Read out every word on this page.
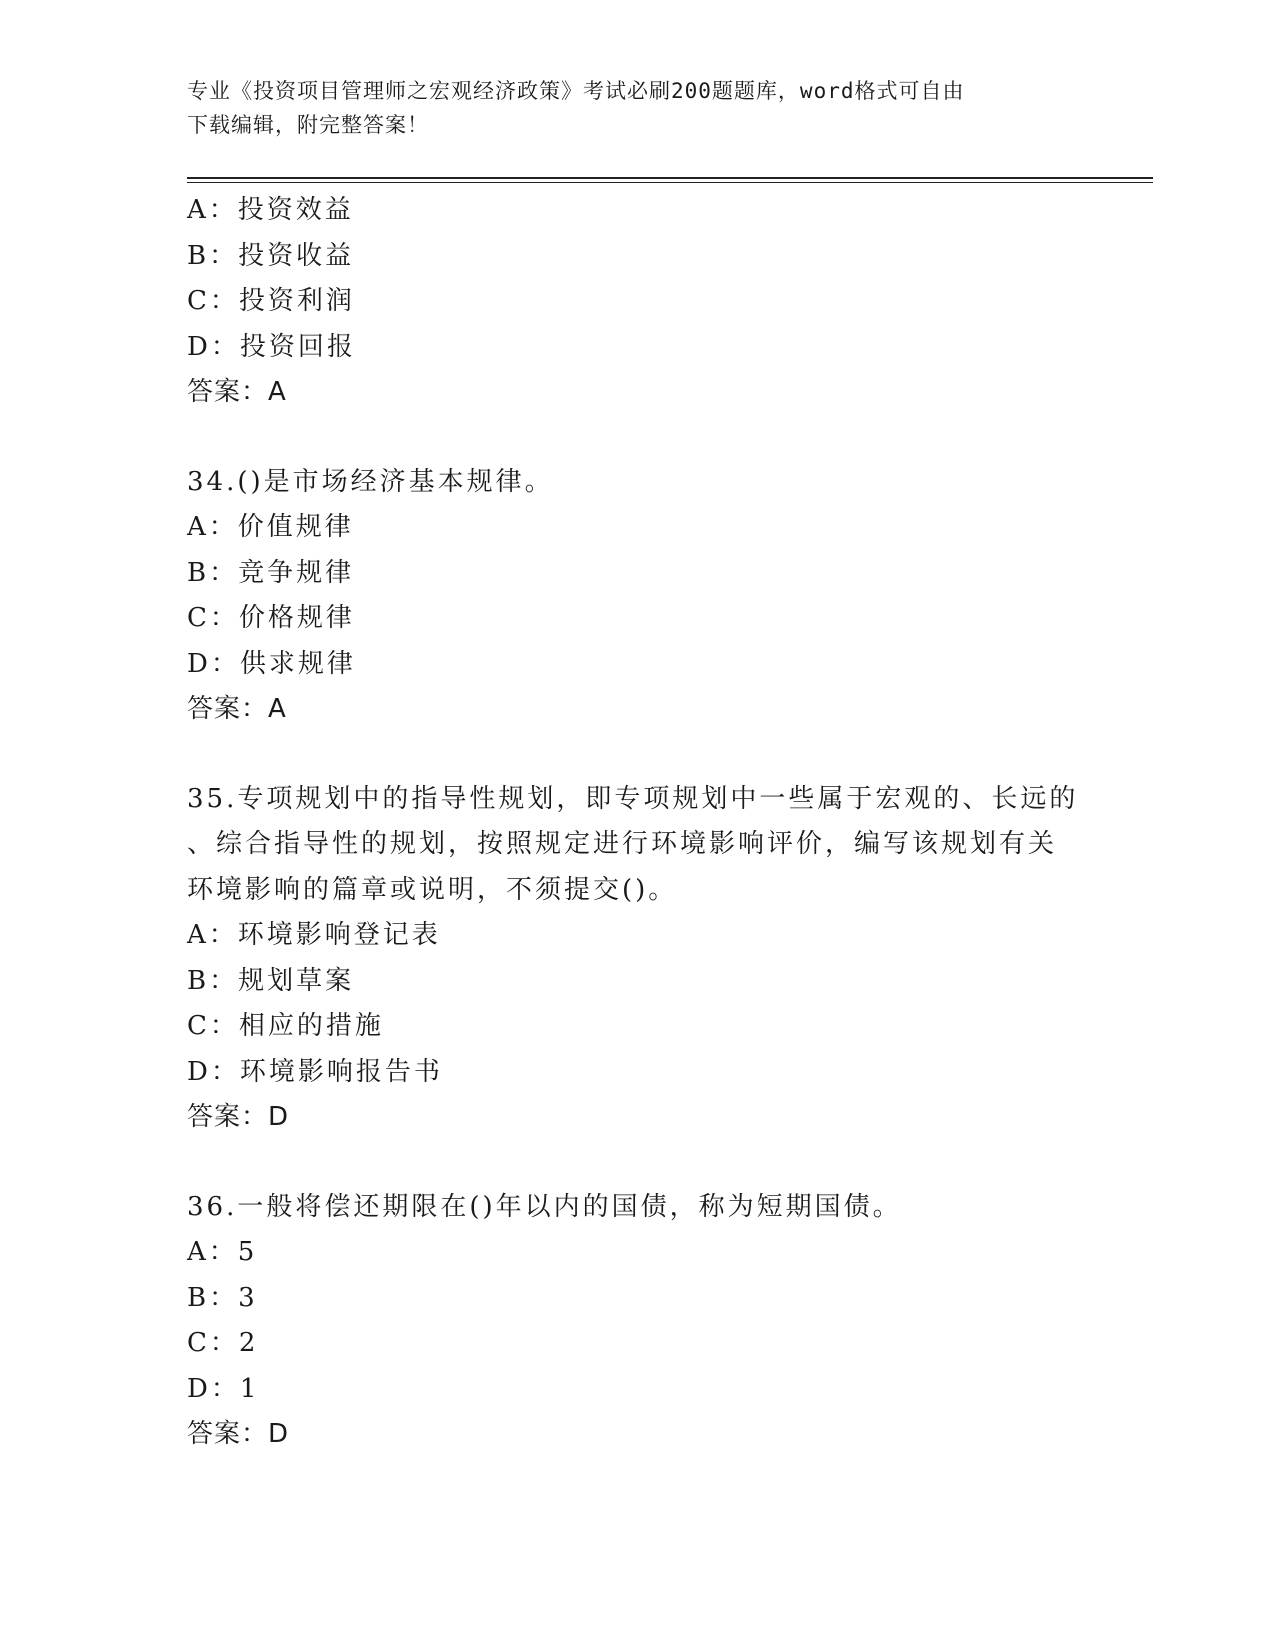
专业《投资项目管理师之宏观经济政策》考试必刷200题题库，word格式可自由
下载编辑，附完整答案！
A：投资效益
B：投资收益
C：投资利润
D：投资回报
答案：A
34.()是市场经济基本规律。
A：价值规律
B：竞争规律
C：价格规律
D：供求规律
答案：A
35.专项规划中的指导性规划，即专项规划中一些属于宏观的、长远的
、综合指导性的规划，按照规定进行环境影响评价，编写该规划有关
环境影响的篇章或说明，不须提交()。
A：环境影响登记表
B：规划草案
C：相应的措施
D：环境影响报告书
答案：D
36.一般将偿还期限在()年以内的国债，称为短期国债。
A：5
B：3
C：2
D：1
答案：D
